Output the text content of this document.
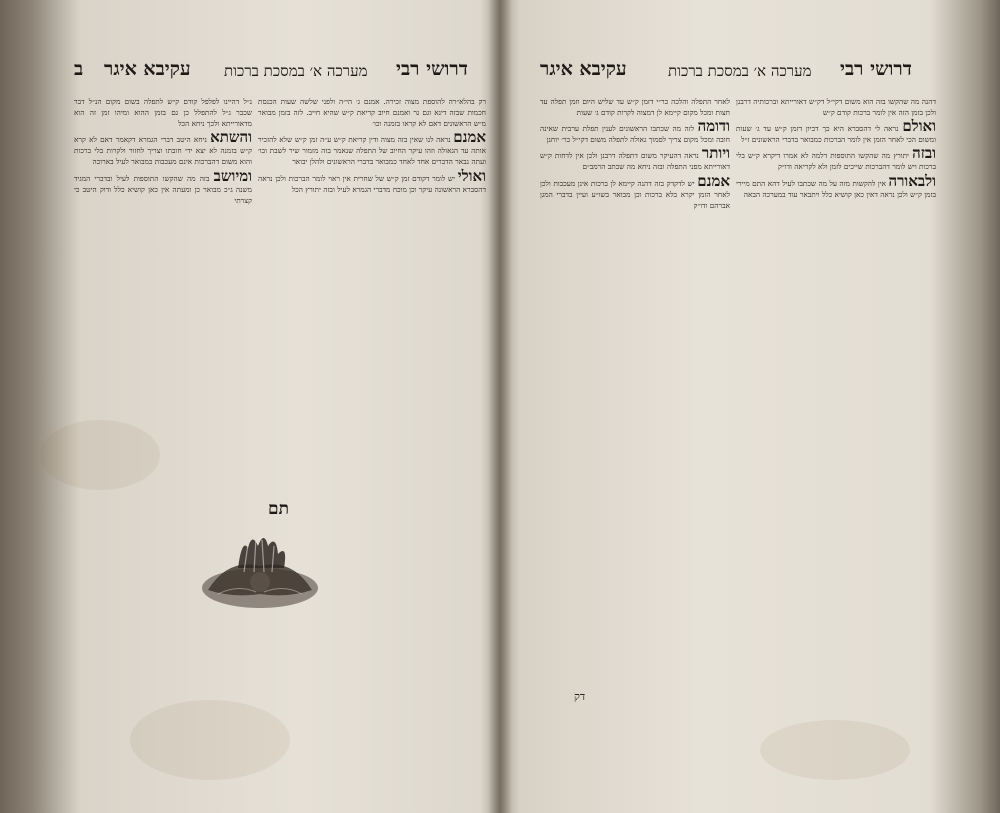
ב עקיבא איגר מערכה א׳ במסכת ברכות דרושי רבי

רק בהלא״רה להוספת מצוה זכירה. אמנם ג׳ הי״ה ולפני שלשה שעות הכנסת חכמות שבזה דינא וגם גר ואמנם חיוב קריאת ק״ש שהיא חייב. לזה בזמן מבואר מ״ש הראשונים דאם לא קראו בזמנה וכו׳

אמנם נראה לנו שאין בזה מצוה ודין קריאת ק״ש ע״ה זמן ק״ש שלא להזכיר אותה עד הגאולה וזהו עיקר החיוב של התפלה שנאמר בזה מזמור שיר לשבת ובו׳ ועתה נבאר הדברים אחד לאחד כמבואר בדברי הראשונים ולהלן יבואר

ואולי יש לומר דקודם זמן ק״ש של שחרית אין ראוי לומר הברכות ולכן נראה דהסברא הראשונה עיקר וכן מוכח מדברי הגמרא לעיל ובזה יתורץ הכל

נ״ל דהיינו לפלפל קודם ק״ש לתפלה בשום מקום הנ״ל דבר שכבר ג״ל להתפלל כן גם בזמן ההוא ומיהו זמן זה הוא מדאורייתא ולכך ניחא הכל

והשתא ניחא היטב דברי הגמרא דקאמר דאם לא קרא ק״ש בזמנה לא יצא ידי חובתו וצריך לחזור ולקרות בלי ברכות והוא משום דהברכות אינם מעכבות כמבואר לעיל בארוכה

ומיושב בזה מה שהקשו התוספות לעיל ובדברי המגיד משנה ג״כ מבואר כן ומעתה אין כאן קושיא כלל ודוק היטב כי קצרתי

תם
עקיבא איגר	מערכה א׳ במסכת ברכות דרושי רבי

דהנה מה שהקשו בזה הוא משום דקי״ל דק״ש דאורייתא וברכותיה דרבנן ולכן בזמן הזה אין לומר ברכות קודם ק״ש

ואולם נראה לי דהסברא היא כך דכיון דזמן ק״ש עד ג׳ שעות ומשום הכי לאחר הזמן אין לומר הברכות כמבואר בדברי הראשונים ז״ל

ובזה יתורץ מה שהקשו התוספות דלמה לא אמרו דיקרא ק״ש בלי ברכות ויש לומר דהברכות שייכים לזמן ולא לקריאה ודו״ק

ולבאורה אין להקשות מזה על מה שכתבו לעיל דהא התם מיירי בזמן ק״ש ולכן נראה דאין כאן קושיא כלל ויתבאר עוד במערכה הבאה

לאחר התפלה והלכה כר״י דזמן ק״ש עד שליש היום וזמן תפלה עד חצות ומכל מקום קיימא לן דמצוה לקרות קודם ג׳ שעות

ודומה לזה מה שכתבו הראשונים לענין תפלת ערבית שאינה חובה ומכל מקום צריך לסמוך גאולה לתפלה משום דקי״ל כר׳ יוחנן

ויותר נראה דהעיקר משום דתפלה דרבנן ולכן אין לדחות ק״ש דאורייתא מפני התפלה ובזה ניחא מה שכתב הרמב״ם

אמנם יש לדקדק בזה דהנה קיימא לן ברכות אינן מעכבות ולכן לאחר הזמן יקרא בלא ברכות וכן מבואר בשו״ע ועיין בדברי המגן אברהם ודו״ק

דק
